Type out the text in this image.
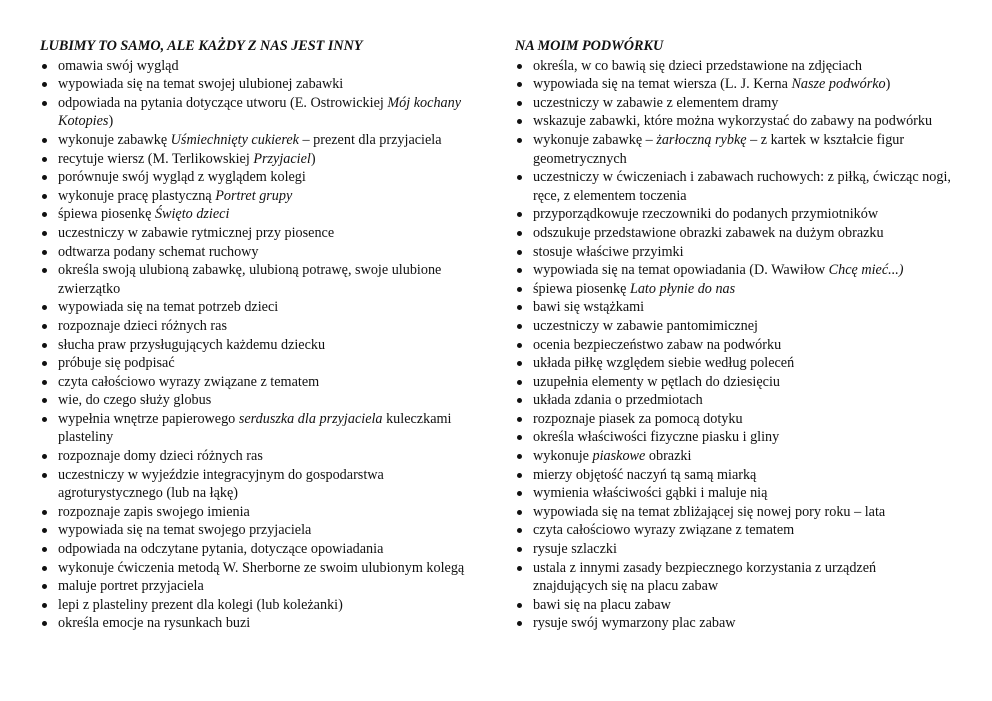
LUBIMY TO SAMO, ALE KAŻDY Z NAS JEST INNY
omawia swój wygląd
wypowiada się na temat swojej ulubionej zabawki
odpowiada na pytania dotyczące utworu (E. Ostrowickiej Mój kochany Kotopies)
wykonuje zabawkę Uśmiechnięty cukierek – prezent dla przyjaciela
recytuje wiersz (M. Terlikowskiej Przyjaciel)
porównuje swój wygląd z wyglądem kolegi
wykonuje pracę plastyczną Portret grupy
śpiewa piosenkę Święto dzieci
uczestniczy w zabawie rytmicznej przy piosence
odtwarza podany schemat ruchowy
określa swoją ulubioną zabawkę, ulubioną potrawę, swoje ulubione zwierzątko
wypowiada się na temat potrzeb dzieci
rozpoznaje dzieci różnych ras
słucha praw przysługujących każdemu dziecku
próbuje się podpisać
czyta całościowo wyrazy związane z tematem
wie, do czego służy globus
wypełnia wnętrze papierowego serduszka dla przyjaciela kuleczkami plasteliny
rozpoznaje domy dzieci różnych ras
uczestniczy w wyjeździe integracyjnym do gospodarstwa agroturystycznego (lub na łąkę)
rozpoznaje zapis swojego imienia
wypowiada się na temat swojego przyjaciela
odpowiada na odczytane pytania, dotyczące opowiadania
wykonuje ćwiczenia metodą W. Sherborne ze swoim ulubionym kolegą
maluje portret przyjaciela
lepi z plasteliny prezent dla kolegi (lub koleżanki)
określa emocje na rysunkach buzi
NA MOIM PODWÓRKU
określa, w co bawią się dzieci przedstawione na zdjęciach
wypowiada się na temat wiersza (L. J. Kerna Nasze podwórko)
uczestniczy w zabawie z elementem dramy
wskazuje zabawki, które można wykorzystać do zabawy na podwórku
wykonuje zabawkę – żarłoczną rybkę – z kartek w kształcie figur geometrycznych
uczestniczy w ćwiczeniach i zabawach ruchowych: z piłką, ćwicząc nogi, ręce, z elementem toczenia
przyporządkowuje rzeczowniki do podanych przymiotników
odszukuje przedstawione obrazki zabawek na dużym obrazku
stosuje właściwe przyimki
wypowiada się na temat opowiadania (D. Wawiłow Chcę mieć...)
śpiewa piosenkę Lato płynie do nas
bawi się wstążkami
uczestniczy w zabawie pantomimicznej
ocenia bezpieczeństwo zabaw na podwórku
układa piłkę względem siebie według poleceń
uzupełnia elementy w pętlach do dziesięciu
układa zdania o przedmiotach
rozpoznaje piasek za pomocą dotyku
określa właściwości fizyczne piasku i gliny
wykonuje piaskowe obrazki
mierzy objętość naczyń tą samą miarką
wymienia właściwości gąbki i maluje nią
wypowiada się na temat zbliżającej się nowej pory roku – lata
czyta całościowo wyrazy związane z tematem
rysuje szlaczki
ustala z innymi zasady bezpiecznego korzystania z urządzeń znajdujących się na placu zabaw
bawi się na placu zabaw
rysuje swój wymarzony plac zabaw
